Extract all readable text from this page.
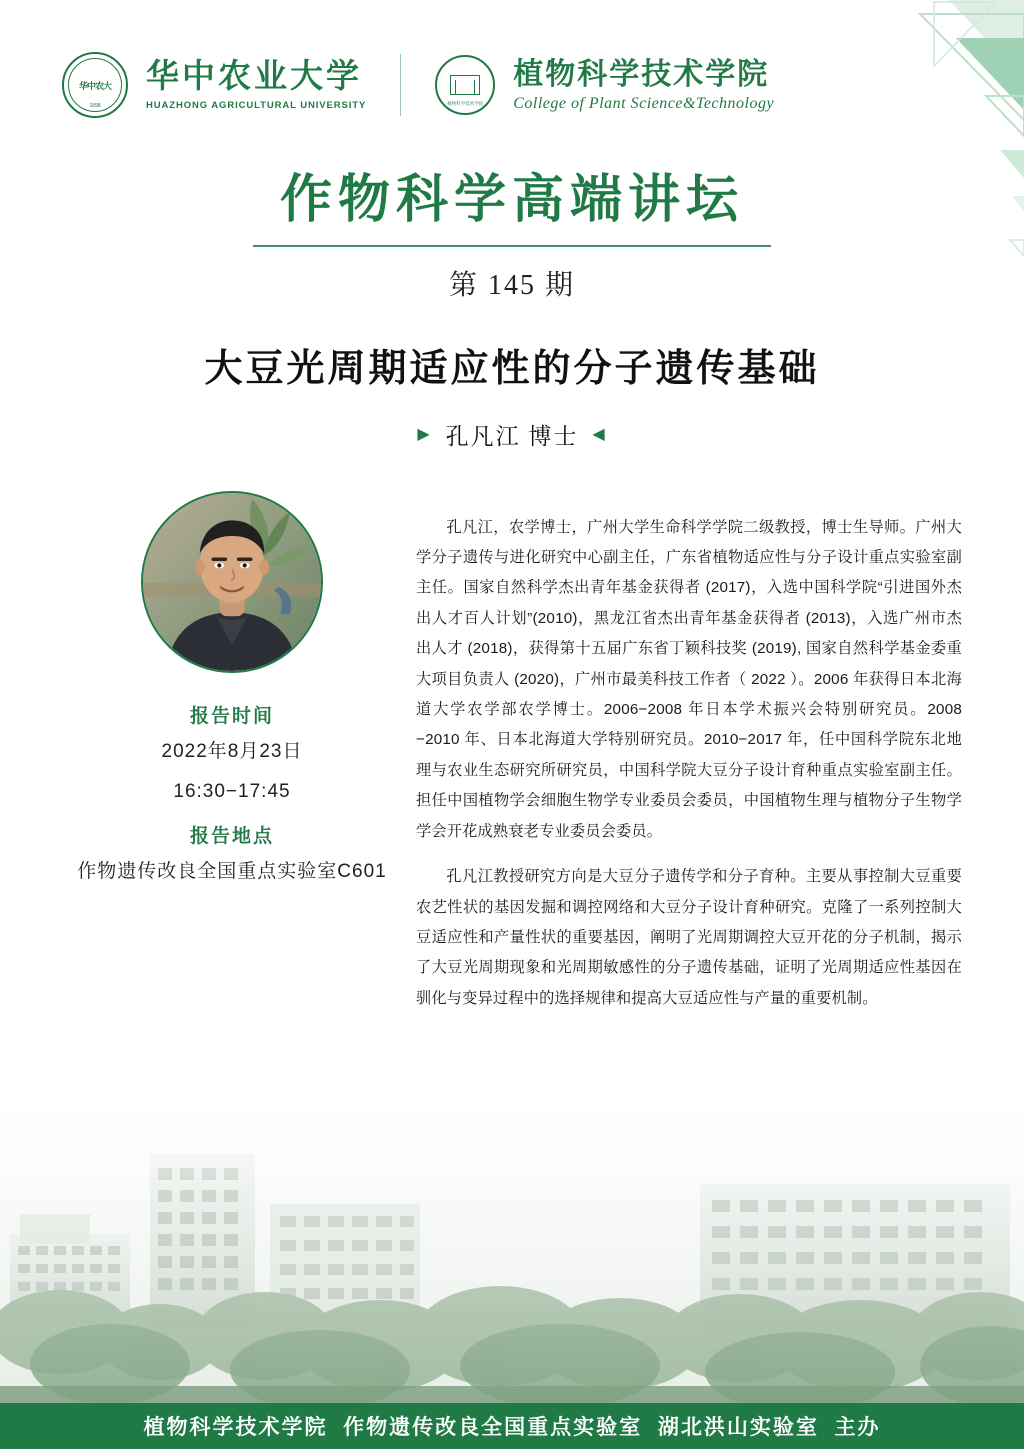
华中农大
1898
华中农业大学
HUAZHONG AGRICULTURAL UNIVERSITY	植物科学技术学院
植物科学技术学院
College of Plant Science&Technology
作物科学高端讲坛
第 145 期
大豆光周期适应性的分子遗传基础
▶ 孔凡江 博士 ◀
报告时间
2022年8月23日
16:30−17:45
报告地点
作物遗传改良全国重点实验室C601

孔凡江，农学博士，广州大学生命科学学院二级教授，博士生导师。广州大学分子遗传与进化研究中心副主任，广东省植物适应性与分子设计重点实验室副主任。国家自然科学杰出青年基金获得者 (2017)，入选中国科学院“引进国外杰出人才百人计划”(2010)，黑龙江省杰出青年基金获得者 (2013)，入选广州市杰出人才 (2018)，获得第十五届广东省丁颖科技奖 (2019), 国家自然科学基金委重大项目负责人 (2020)，广州市最美科技工作者（ 2022 ）。2006 年获得日本北海道大学农学部农学博士。2006−2008 年日本学术振兴会特别研究员。2008 −2010 年、日本北海道大学特别研究员。2010−2017 年，任中国科学院东北地理与农业生态研究所研究员，中国科学院大豆分子设计育种重点实验室副主任。担任中国植物学会细胞生物学专业委员会委员，中国植物生理与植物分子生物学学会开花成熟衰老专业委员会委员。

孔凡江教授研究方向是大豆分子遗传学和分子育种。主要从事控制大豆重要农艺性状的基因发掘和调控网络和大豆分子设计育种研究。克隆了一系列控制大豆适应性和产量性状的重要基因，阐明了光周期调控大豆开花的分子机制，揭示了大豆光周期现象和光周期敏感性的分子遗传基础，证明了光周期适应性基因在驯化与变异过程中的选择规律和提高大豆适应性与产量的重要机制。

植物科学技术学院  作物遗传改良全国重点实验室  湖北洪山实验室  主办
